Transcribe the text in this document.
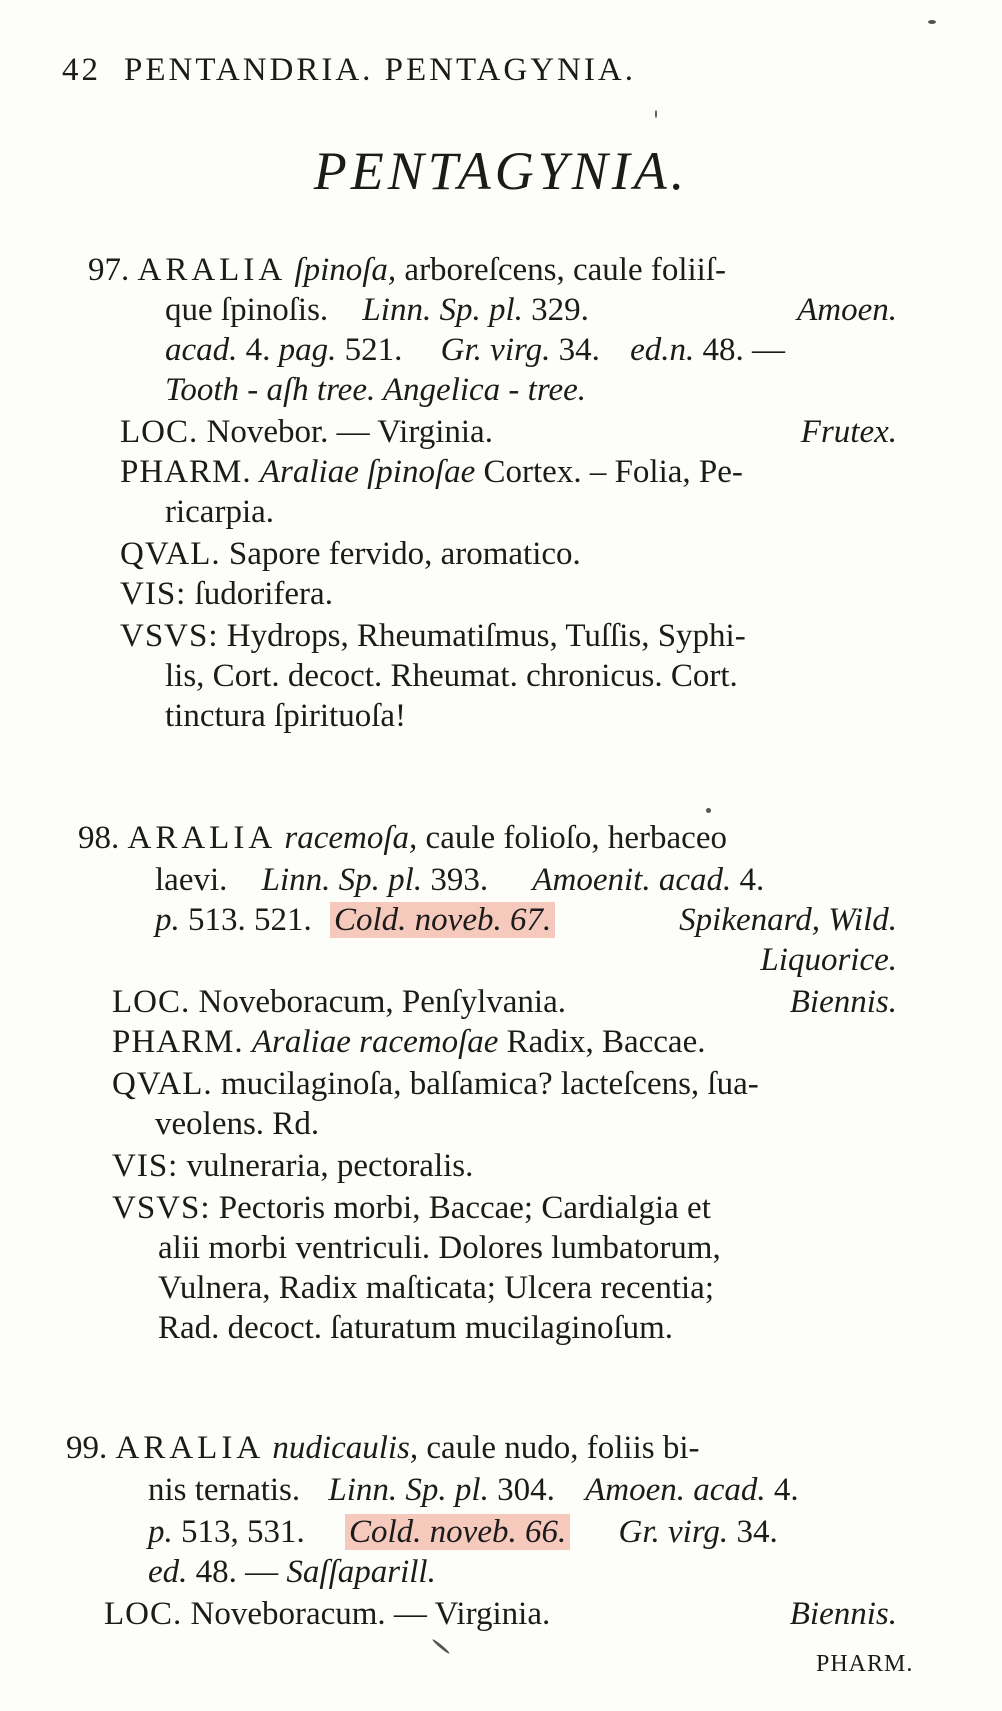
42 PENTANDRIA. PENTAGYNIA.
PENTAGYNIA.
97. ARALIA ſpinoſa, arboreſcens, caule foliiſ-
que ſpinoſis. Linn. Sp. pl. 329.	Amoen.
acad. 4. pag. 521. Gr. virg. 34. ed.n. 48. —
Tooth - aſh tree. Angelica - tree.
LOC. Novebor. — Virginia.	Frutex.
PHARM. Araliae ſpinoſae Cortex. – Folia, Pe-
ricarpia.
QVAL. Sapore fervido, aromatico.
VIS: ſudorifera.
VSVS: Hydrops, Rheumatiſmus, Tuſſis, Syphi-
lis, Cort. decoct. Rheumat. chronicus. Cort.
tinctura ſpirituoſa!
98. ARALIA racemoſa, caule folioſo, herbaceo
laevi. Linn. Sp. pl. 393. Amoenit. acad. 4.
p. 513. 521. Cold. noveb. 67.	Spikenard, Wild.
Liquorice.
LOC. Noveboracum, Penſylvania.	Biennis.
PHARM. Araliae racemoſae Radix, Baccae.
QVAL. mucilaginoſa, balſamica? lacteſcens, ſua-
veolens. Rd.
VIS: vulneraria, pectoralis.
VSVS: Pectoris morbi, Baccae; Cardialgia et
alii morbi ventriculi. Dolores lumbatorum,
Vulnera, Radix maſticata; Ulcera recentia;
Rad. decoct. ſaturatum mucilaginoſum.
99. ARALIA nudicaulis, caule nudo, foliis bi-
nis ternatis. Linn. Sp. pl. 304. Amoen. acad. 4.
p. 513, 531. Cold. noveb. 66. Gr. virg. 34.
ed. 48. — Saſſaparill.
LOC. Noveboracum. — Virginia.	Biennis.
PHARM.
